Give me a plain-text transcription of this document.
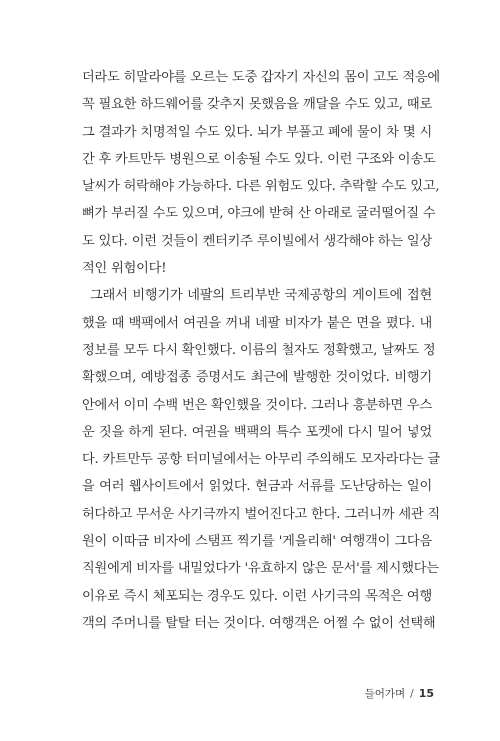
더라도 히말라야를 오르는 도중 갑자기 자신의 몸이 고도 적응에
꼭 필요한 하드웨어를 갖추지 못했음을 깨달을 수도 있고, 때로
그 결과가 치명적일 수도 있다. 뇌가 부풀고 폐에 물이 차 몇 시
간 후 카트만두 병원으로 이송될 수도 있다. 이런 구조와 이송도
날씨가 허락해야 가능하다. 다른 위험도 있다. 추락할 수도 있고,
뼈가 부러질 수도 있으며, 야크에 받혀 산 아래로 굴러떨어질 수
도 있다. 이런 것들이 켄터키주 루이빌에서 생각해야 하는 일상
적인 위험이다!
그래서 비행기가 네팔의 트리부반 국제공항의 게이트에 접현
했을 때 백팩에서 여권을 꺼내 네팔 비자가 붙은 면을 폈다. 내
정보를 모두 다시 확인했다. 이름의 철자도 정확했고, 날짜도 정
확했으며, 예방접종 증명서도 최근에 발행한 것이었다. 비행기
안에서 이미 수백 번은 확인했을 것이다. 그러나 흥분하면 우스
운 짓을 하게 된다. 여권을 백팩의 특수 포켓에 다시 밀어 넣었
다. 카트만두 공항 터미널에서는 아무리 주의해도 모자라다는 글
을 여러 웹사이트에서 읽었다. 현금과 서류를 도난당하는 일이
허다하고 무서운 사기극까지 벌어진다고 한다. 그러니까 세관 직
원이 이따금 비자에 스탬프 찍기를 '게을리해' 여행객이 그다음
직원에게 비자를 내밀었다가 '유효하지 않은 문서'를 제시했다는
이유로 즉시 체포되는 경우도 있다. 이런 사기극의 목적은 여행
객의 주머니를 탈탈 터는 것이다. 여행객은 어쩔 수 없이 선택해
들어가며 / 15
